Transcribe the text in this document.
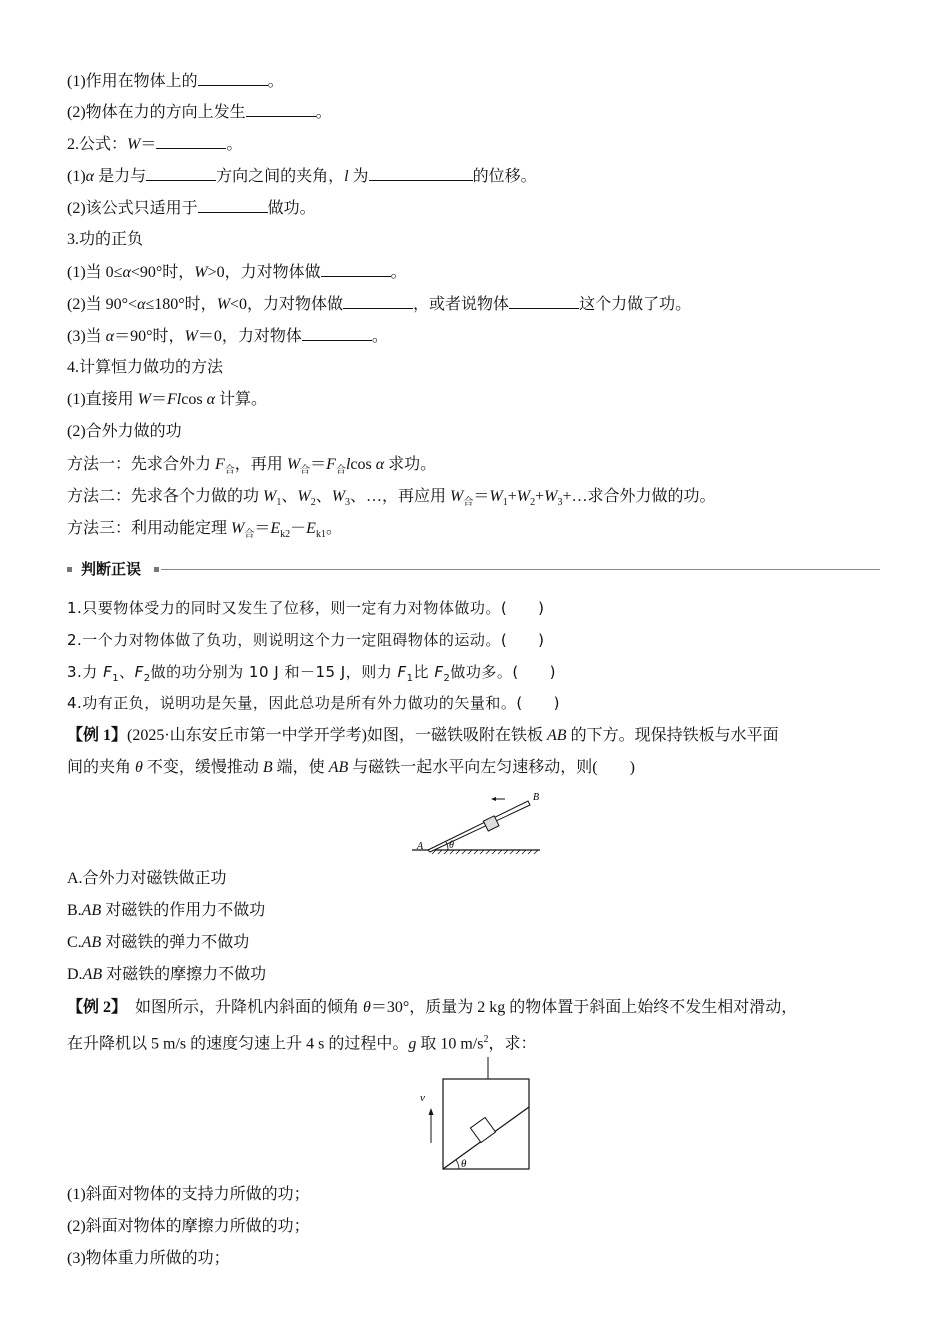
(1)作用在物体上的	。
(2)物体在力的方向上发生	。
2.公式：W＝	。
(1)α 是力与	方向之间的夹角，l 为	的位移。
(2)该公式只适用于	做功。
3.功的正负
(1)当 0≤α<90°时，W>0，力对物体做	。
(2)当 90°<α≤180°时，W<0，力对物体做	，或者说物体	这个力做了功。
(3)当 α＝90°时，W＝0，力对物体	。
4.计算恒力做功的方法
(1)直接用 W＝Flcos α 计算。
(2)合外力做的功
方法一：先求合外力 $F_合$，再用 $W_合=F_合lcos$ α 求功。
方法二：先求各个力做的功 $W_1$、$W_2$、$W_3$、…，再应用 $W_合=W_1+W_2+W_3+\dots$求合外力做的功。
方法三：利用动能定理 $W_合=E_{k2}-E_{k1}$。
判断正误
1.只要物体受力的同时又发生了位移，则一定有力对物体做功。(　　)
2.一个力对物体做了负功，则说明这个力一定阻碍物体的运动。(　　)
3.力 $F_1$、$F_2$做的功分别为 10 J 和－15 J，则力 $F_1$比 $F_2$做功多。(　　)
4.功有正负，说明功是矢量，因此总功是所有外力做功的矢量和。(　　)
【例 1】(2025·山东安丘市第一中学开学考)如图，一磁铁吸附在铁板 AB 的下方。现保持铁板与水平面
间的夹角 θ 不变，缓慢推动 B 端，使 AB 与磁铁一起水平向左匀速移动，则(　　)
A
B
θ
A.合外力对磁铁做正功
B.AB 对磁铁的作用力不做功
C.AB 对磁铁的弹力不做功
D.AB 对磁铁的摩擦力不做功
【例 2】　如图所示，升降机内斜面的倾角 θ＝30°，质量为 2 kg 的物体置于斜面上始终不发生相对滑动，
在升降机以 5 m/s 的速度匀速上升 4 s 的过程中。g 取 10 $m/s^2$，求：
v
θ
(1)斜面对物体的支持力所做的功；
(2)斜面对物体的摩擦力所做的功；
(3)物体重力所做的功；
